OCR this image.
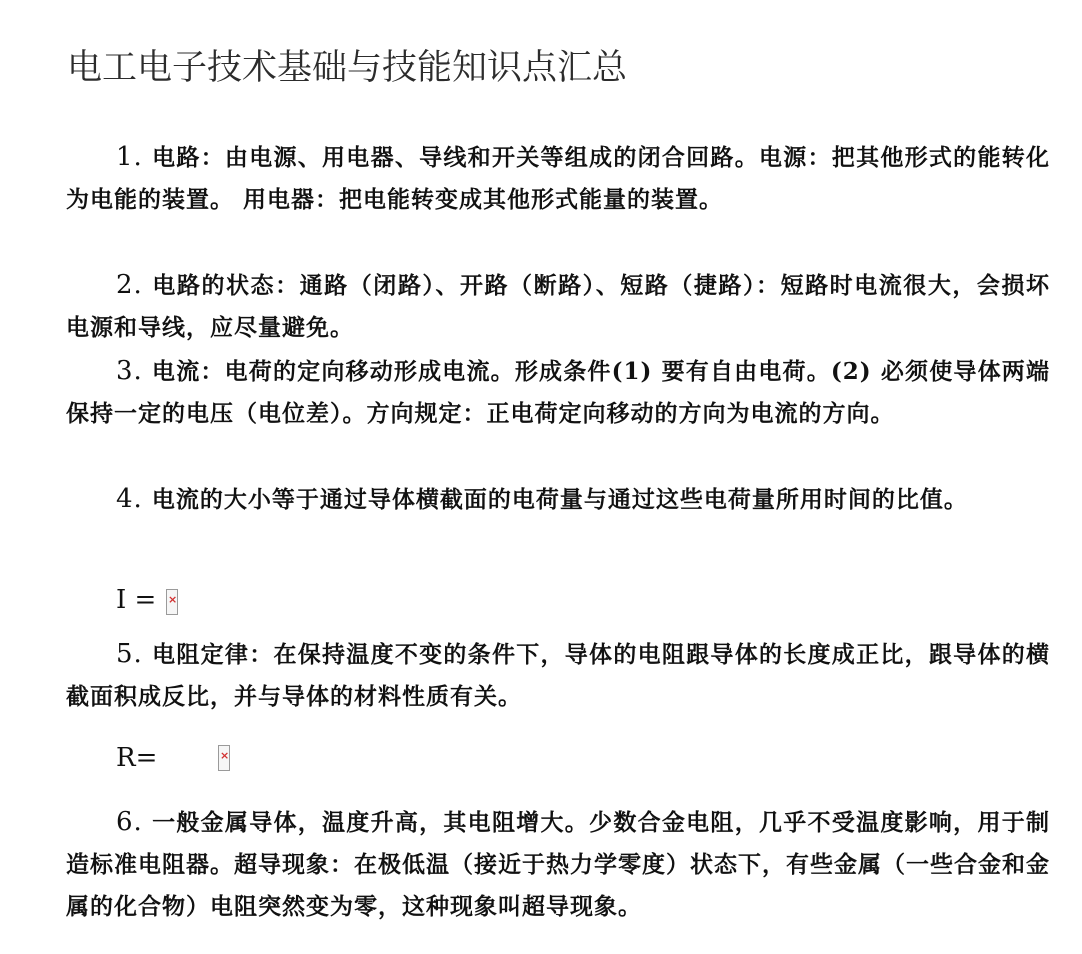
电工电子技术基础与技能知识点汇总
1. 电路：由电源、用电器、导线和开关等组成的闭合回路。电源：把其他形式的能转化为电能的装置。 用电器：把电能转变成其他形式能量的装置。
2. 电路的状态：通路（闭路）、开路（断路）、短路（捷路）：短路时电流很大，会损坏电源和导线，应尽量避免。
3. 电流：电荷的定向移动形成电流。形成条件(1) 要有自由电荷。(2) 必须使导体两端保持一定的电压（电位差）。方向规定：正电荷定向移动的方向为电流的方向。
4. 电流的大小等于通过导体横截面的电荷量与通过这些电荷量所用时间的比值。
I =
×
5. 电阻定律：在保持温度不变的条件下，导体的电阻跟导体的长度成正比，跟导体的横截面积成反比，并与导体的材料性质有关。
R=
×
6. 一般金属导体，温度升高，其电阻增大。少数合金电阻，几乎不受温度影响，用于制造标准电阻器。超导现象：在极低温（接近于热力学零度）状态下，有些金属（一些合金和金属的化合物）电阻突然变为零，这种现象叫超导现象。
